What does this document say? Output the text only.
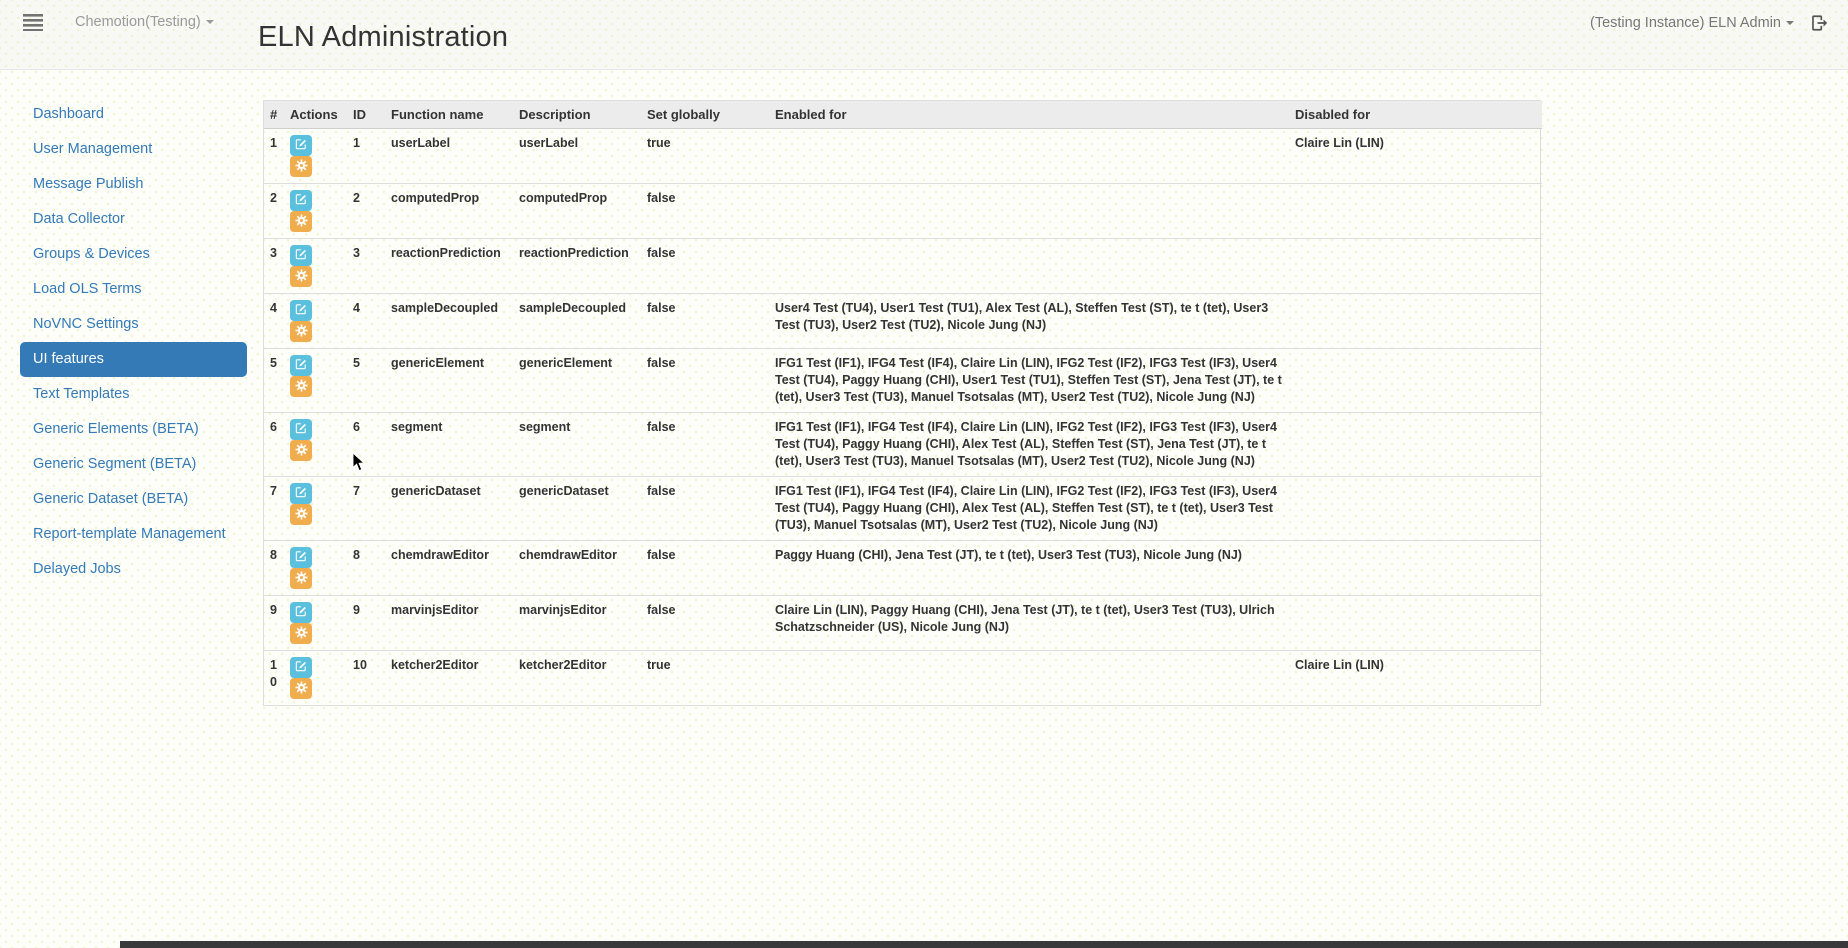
Chemotion(Testing)	ELN Administration	(Testing Instance) ELN Admin
Dashboard
User Management
Message Publish
Data Collector
Groups & Devices
Load OLS Terms
NoVNC Settings
UI features
Text Templates
Generic Elements (BETA)
Generic Segment (BETA)
Generic Dataset (BETA)
Report-template Management
Delayed Jobs
#	Actions	ID	Function name	Description	Set globally	Enabled for	Disabled for
1		1	userLabel	userLabel	true		Claire Lin (LIN)
2		2	computedProp	computedProp	false		
3		3	reactionPrediction	reactionPrediction	false		
4		4	sampleDecoupled	sampleDecoupled	false	User4 Test (TU4), User1 Test (TU1), Alex Test (AL), Steffen Test (ST), te t (tet), User3 Test (TU3), User2 Test (TU2), Nicole Jung (NJ)	
5		5	genericElement	genericElement	false	IFG1 Test (IF1), IFG4 Test (IF4), Claire Lin (LIN), IFG2 Test (IF2), IFG3 Test (IF3), User4 Test (TU4), Paggy Huang (CHI), User1 Test (TU1), Steffen Test (ST), Jena Test (JT), te t (tet), User3 Test (TU3), Manuel Tsotsalas (MT), User2 Test (TU2), Nicole Jung (NJ)	
6		6	segment	segment	false	IFG1 Test (IF1), IFG4 Test (IF4), Claire Lin (LIN), IFG2 Test (IF2), IFG3 Test (IF3), User4 Test (TU4), Paggy Huang (CHI), Alex Test (AL), Steffen Test (ST), Jena Test (JT), te t (tet), User3 Test (TU3), Manuel Tsotsalas (MT), User2 Test (TU2), Nicole Jung (NJ)	
7		7	genericDataset	genericDataset	false	IFG1 Test (IF1), IFG4 Test (IF4), Claire Lin (LIN), IFG2 Test (IF2), IFG3 Test (IF3), User4 Test (TU4), Paggy Huang (CHI), Alex Test (AL), Steffen Test (ST), te t (tet), User3 Test (TU3), Manuel Tsotsalas (MT), User2 Test (TU2), Nicole Jung (NJ)	
8		8	chemdrawEditor	chemdrawEditor	false	Paggy Huang (CHI), Jena Test (JT), te t (tet), User3 Test (TU3), Nicole Jung (NJ)	
9		9	marvinjsEditor	marvinjsEditor	false	Claire Lin (LIN), Paggy Huang (CHI), Jena Test (JT), te t (tet), User3 Test (TU3), Ulrich Schatzschneider (US), Nicole Jung (NJ)	
10		10	ketcher2Editor	ketcher2Editor	true		Claire Lin (LIN)
